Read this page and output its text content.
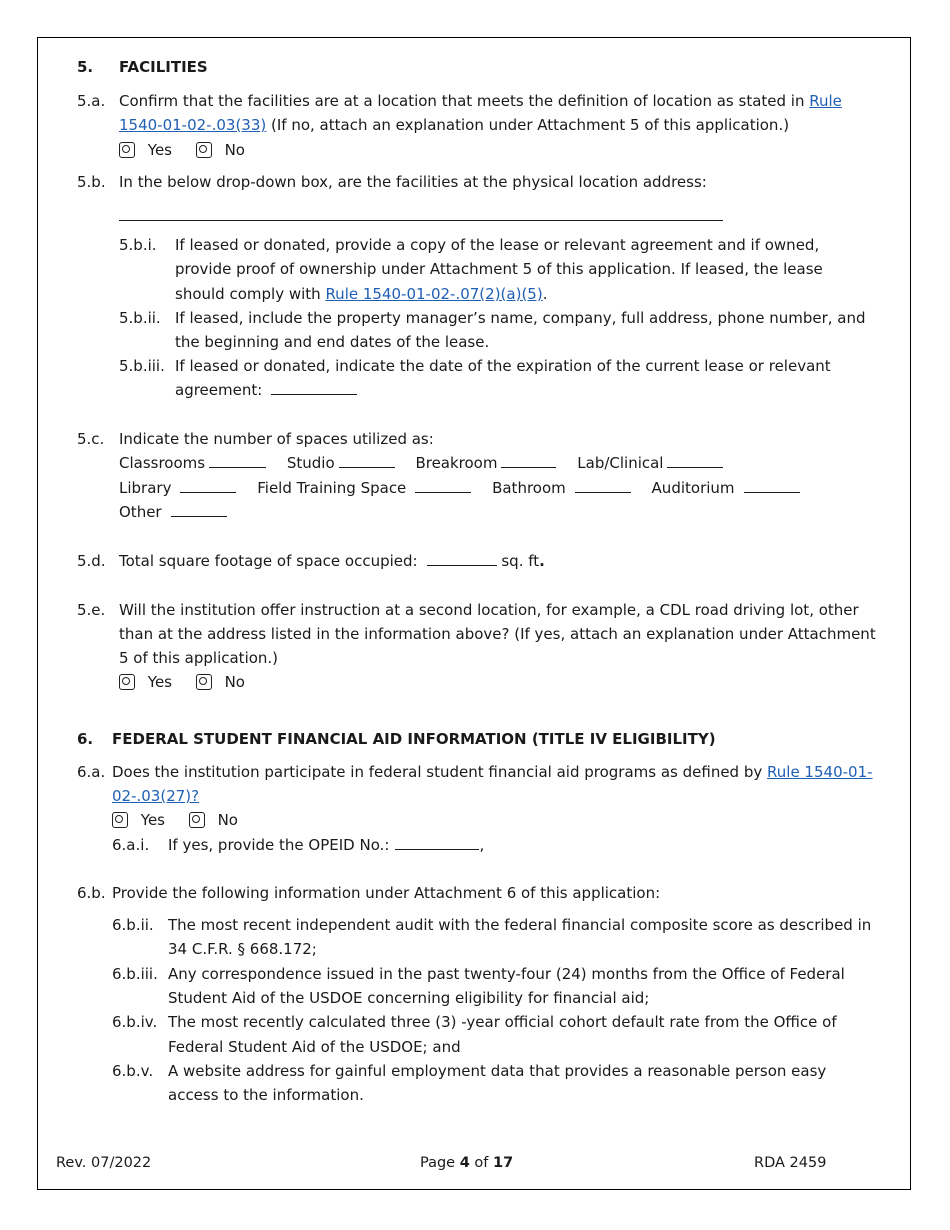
5. FACILITIES
5.a. Confirm that the facilities are at a location that meets the definition of location as stated in Rule
1540-01-02-.03(33) (If no, attach an explanation under Attachment 5 of this application.)
Yes	No
5.b. In the below drop-down box, are the facilities at the physical location address:
5.b.i. If leased or donated, provide a copy of the lease or relevant agreement and if owned,
provide proof of ownership under Attachment 5 of this application. If leased, the lease
should comply with Rule 1540-01-02-.07(2)(a)(5).
5.b.ii. If leased, include the property manager’s name, company, full address, phone number, and
the beginning and end dates of the lease.
5.b.iii. If leased or donated, indicate the date of the expiration of the current lease or relevant
agreement:
5.c. Indicate the number of spaces utilized as:
Classrooms	Studio	Breakroom	Lab/Clinical
Library	Field Training Space	Bathroom	Auditorium
Other
5.d. Total square footage of space occupied:	sq. ft.
5.e. Will the institution offer instruction at a second location, for example, a CDL road driving lot, other
than at the address listed in the information above? (If yes, attach an explanation under Attachment
5 of this application.)
Yes	No
6. FEDERAL STUDENT FINANCIAL AID INFORMATION (TITLE IV ELIGIBILITY)
6.a. Does the institution participate in federal student financial aid programs as defined by Rule 1540-01-
02-.03(27)?
Yes	No
6.a.i. If yes, provide the OPEID No.:	,
6.b. Provide the following information under Attachment 6 of this application:
6.b.ii. The most recent independent audit with the federal financial composite score as described in
34 C.F.R. § 668.172;
6.b.iii. Any correspondence issued in the past twenty-four (24) months from the Office of Federal
Student Aid of the USDOE concerning eligibility for financial aid;
6.b.iv. The most recently calculated three (3) -year official cohort default rate from the Office of
Federal Student Aid of the USDOE; and
6.b.v. A website address for gainful employment data that provides a reasonable person easy
access to the information.
Rev. 07/2022	Page 4 of 17	RDA 2459
